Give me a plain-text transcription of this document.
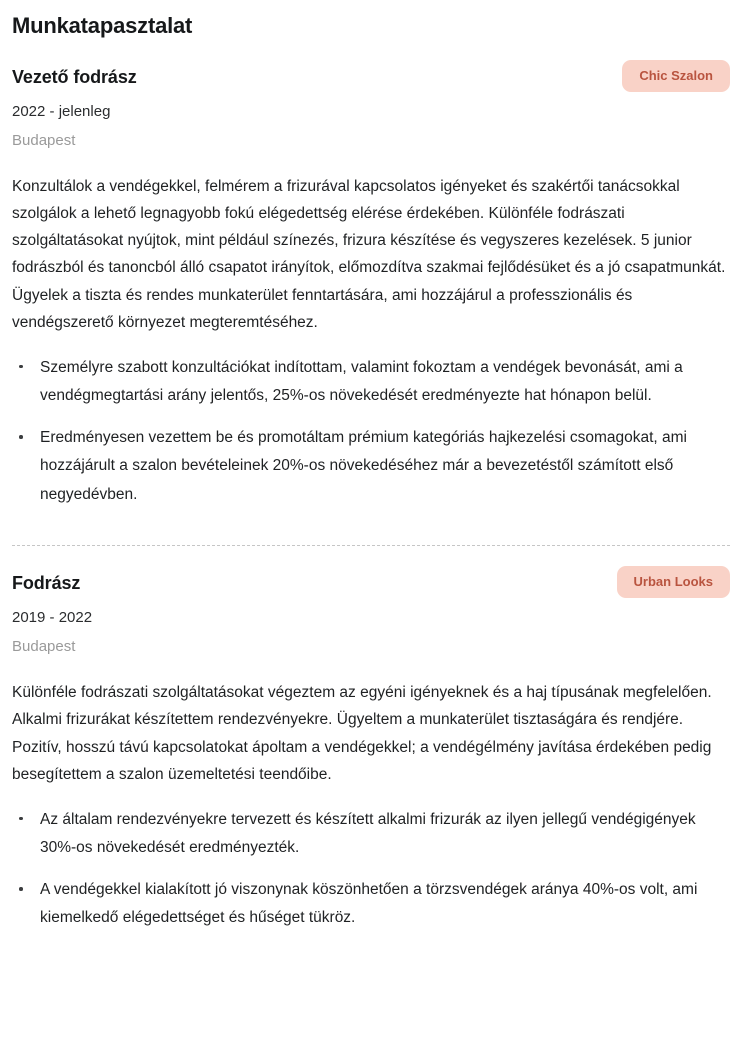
Munkatapasztalat
Vezető fodrász	Chic Szalon

2022 - jelenleg

Budapest

Konzultálok a vendégekkel, felmérem a frizurával kapcsolatos igényeket és szakértői tanácsokkal szolgálok a lehető legnagyobb fokú elégedettség elérése érdekében. Különféle fodrászati szolgáltatásokat nyújtok, mint például színezés, frizura készítése és vegyszeres kezelések. 5 junior fodrászból és tanoncból álló csapatot irányítok, előmozdítva szakmai fejlődésüket és a jó csapatmunkát. Ügyelek a tiszta és rendes munkaterület fenntartására, ami hozzájárul a professzionális és vendégszerető környezet megteremtéséhez.

Személyre szabott konzultációkat indítottam, valamint fokoztam a vendégek bevonását, ami a vendégmegtartási arány jelentős, 25%-os növekedését eredményezte hat hónapon belül.
Eredményesen vezettem be és promotáltam prémium kategóriás hajkezelési csomagokat, ami hozzájárult a szalon bevételeinek 20%-os növekedéséhez már a bevezetéstől számított első negyedévben.
Fodrász	Urban Looks

2019 - 2022

Budapest

Különféle fodrászati szolgáltatásokat végeztem az egyéni igényeknek és a haj típusának megfelelően. Alkalmi frizurákat készítettem rendezvényekre. Ügyeltem a munkaterület tisztaságára és rendjére. Pozitív, hosszú távú kapcsolatokat ápoltam a vendégekkel; a vendégélmény javítása érdekében pedig besegítettem a szalon üzemeltetési teendőibe.

Az általam rendezvényekre tervezett és készített alkalmi frizurák az ilyen jellegű vendégigények 30%-os növekedését eredményezték.
A vendégekkel kialakított jó viszonynak köszönhetően a törzsvendégek aránya 40%-os volt, ami kiemelkedő elégedettséget és hűséget tükröz.
